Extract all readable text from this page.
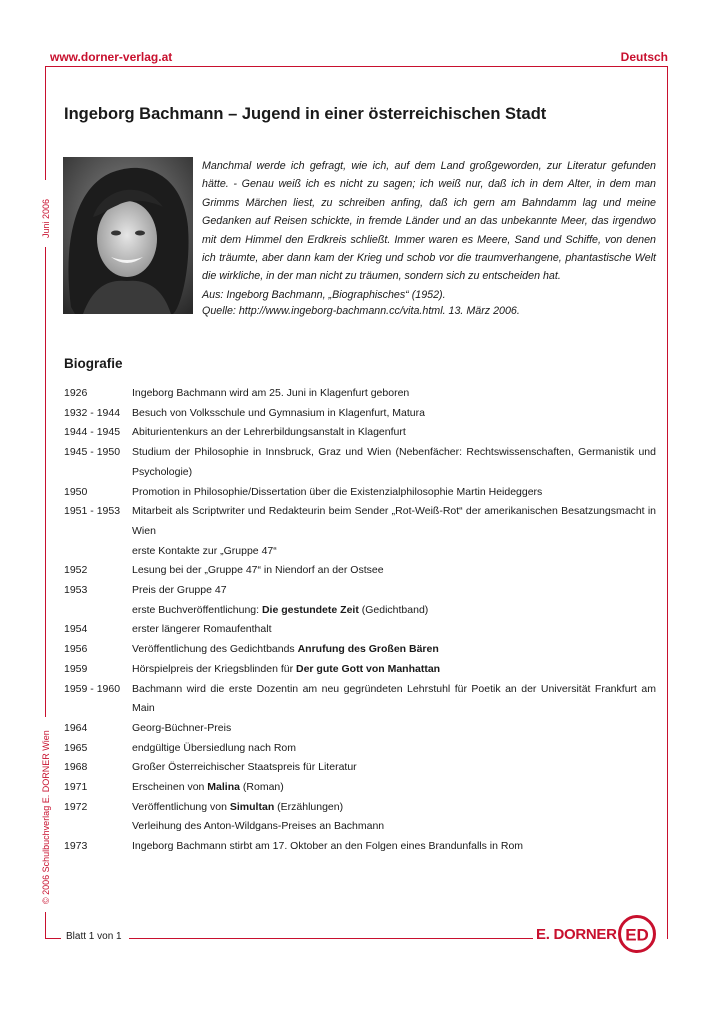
www.dorner-verlag.at	Deutsch
Juni 2006
© 2006 Schulbuchverlag E. DORNER Wien
Ingeborg Bachmann – Jugend in einer österreichischen Stadt
Manchmal werde ich gefragt, wie ich, auf dem Land großgeworden, zur Literatur gefunden hätte. - Genau weiß ich es nicht zu sagen; ich weiß nur, daß ich in dem Alter, in dem man Grimms Märchen liest, zu schreiben anfing, daß ich gern am Bahndamm lag und meine Gedanken auf Reisen schickte, in fremde Länder und an das unbekannte Meer, das irgendwo mit dem Himmel den Erdkreis schließt. Immer waren es Meere, Sand und Schiffe, von denen ich träumte, aber dann kam der Krieg und schob vor die traumverhangene, phantastische Welt die wirkliche, in der man nicht zu träumen, sondern sich zu entscheiden hat.
Aus: Ingeborg Bachmann, „Biographisches“ (1952).
Quelle: http://www.ingeborg-bachmann.cc/vita.html. 13. März 2006.
Biografie
1926	Ingeborg Bachmann wird am 25. Juni in Klagenfurt geboren
1932 - 1944	Besuch von Volksschule und Gymnasium in Klagenfurt, Matura
1944 - 1945	Abiturientenkurs an der Lehrerbildungsanstalt in Klagenfurt
1945 - 1950	Studium der Philosophie in Innsbruck, Graz und Wien (Nebenfächer: Rechtswissenschaften, Germanistik und Psychologie)
1950	Promotion in Philosophie/Dissertation über die Existenzialphilosophie Martin Heideggers
1951 - 1953	Mitarbeit als Scriptwriter und Redakteurin beim Sender „Rot-Weiß-Rot“ der amerikanischen Besatzungsmacht in Wien
erste Kontakte zur „Gruppe 47“
1952	Lesung bei der „Gruppe 47“ in Niendorf an der Ostsee
1953	Preis der Gruppe 47
erste Buchveröffentlichung: Die gestundete Zeit (Gedichtband)
1954	erster längerer Romaufenthalt
1956	Veröffentlichung des Gedichtbands Anrufung des Großen Bären
1959	Hörspielpreis der Kriegsblinden für Der gute Gott von Manhattan
1959 - 1960	Bachmann wird die erste Dozentin am neu gegründeten Lehrstuhl für Poetik an der Universität Frankfurt am Main
1964	Georg-Büchner-Preis
1965	endgültige Übersiedlung nach Rom
1968	Großer Österreichischer Staatspreis für Literatur
1971	Erscheinen von Malina (Roman)
1972	Veröffentlichung von Simultan (Erzählungen)
Verleihung des Anton-Wildgans-Preises an Bachmann
1973	Ingeborg Bachmann stirbt am 17. Oktober an den Folgen eines Brandunfalls in Rom
Blatt 1 von 1	E. DORNER ED
